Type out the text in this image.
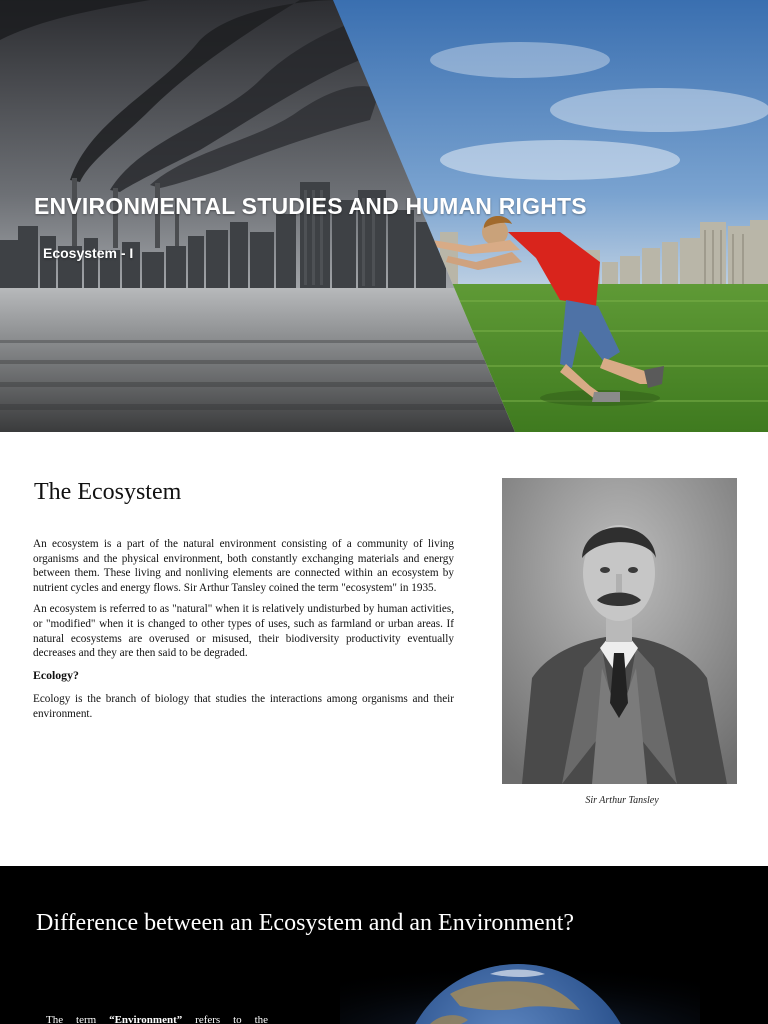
ENVIRONMENTAL STUDIES AND HUMAN RIGHTS

Ecosystem - I

The Ecosystem

An ecosystem is a part of the natural environment consisting of a community of living organisms and the physical environment, both constantly exchanging materials and energy between them. These living and nonliving elements are connected within an ecosystem by nutrient cycles and energy flows. Sir Arthur Tansley coined the term "ecosystem" in 1935.

An ecosystem is referred to as "natural" when it is relatively undisturbed by human activities, or "modified" when it is changed to other types of uses, such as farmland or urban areas. If natural ecosystems are overused or misused, their biodiversity productivity eventually decreases and they are then said to be degraded.

Ecology?

Ecology is the branch of biology that studies the interactions among organisms and their environment.

Sir Arthur Tansley
Difference between an Ecosystem and an Environment?

The term “Environment” refers to the
